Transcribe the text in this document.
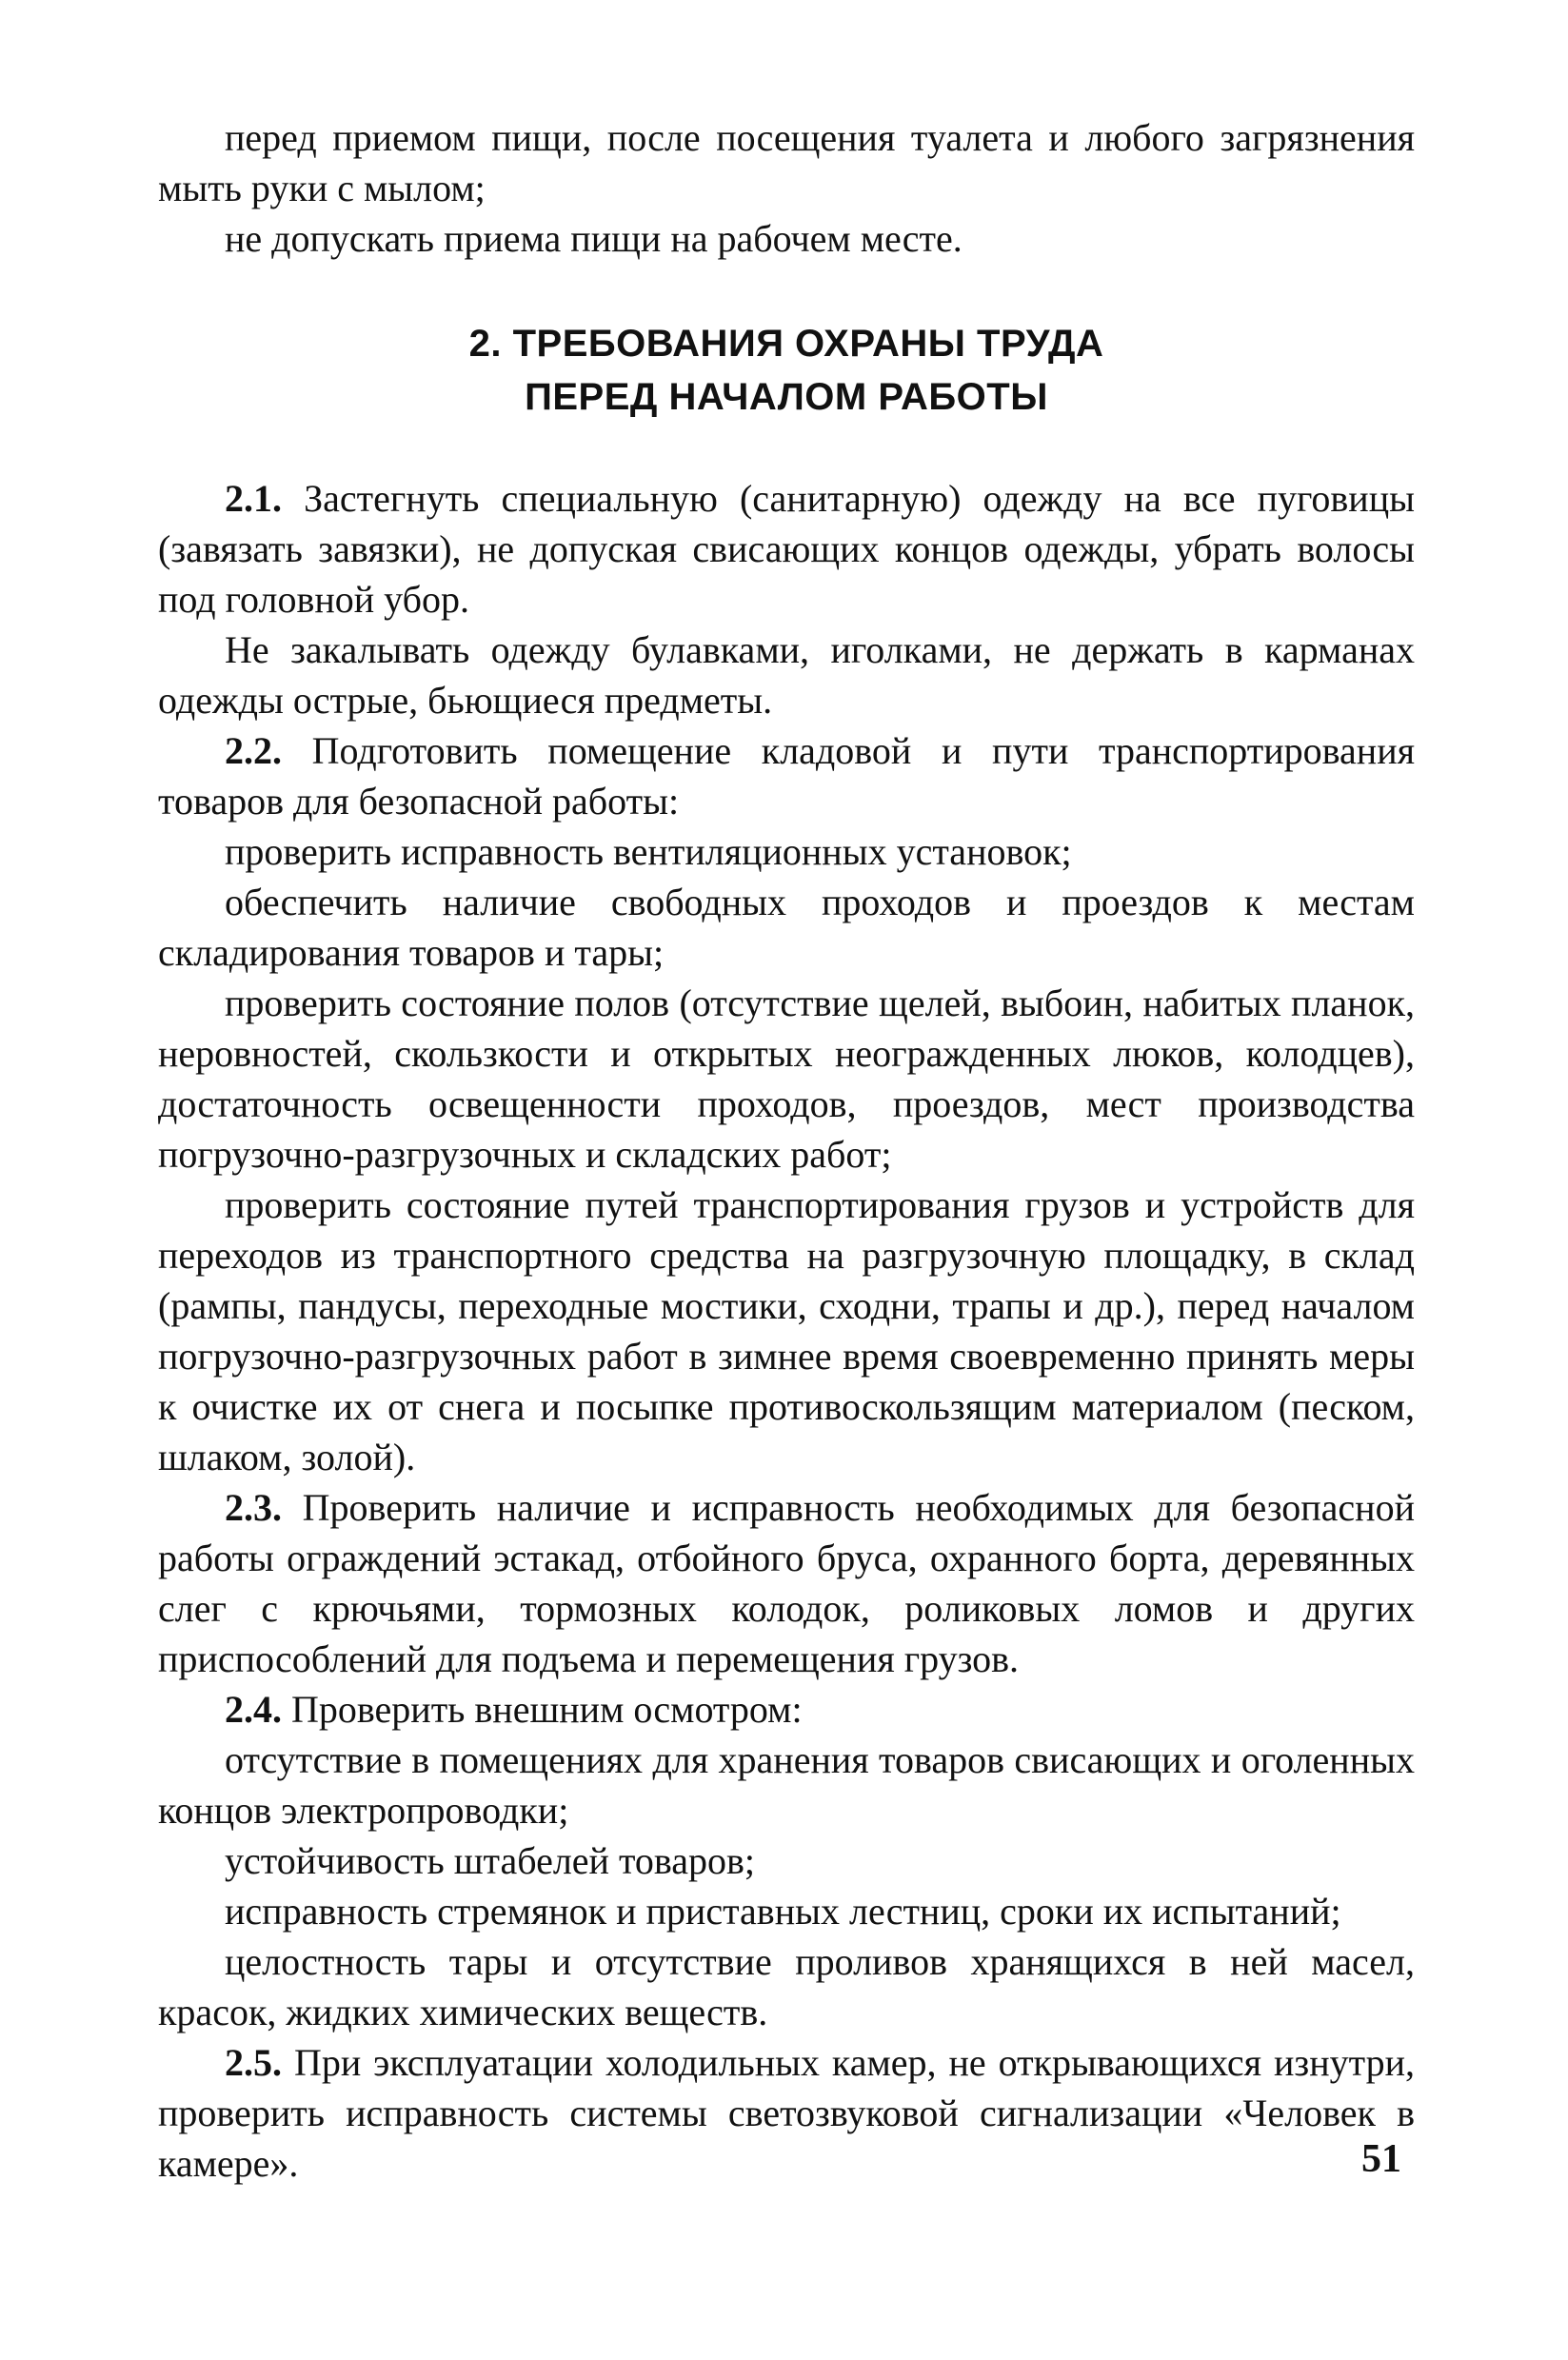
перед приемом пищи, после посещения туалета и любого загрязнения мыть руки с мылом;

не допускать приема пищи на рабочем месте.

2. ТРЕБОВАНИЯ ОХРАНЫ ТРУДА
ПЕРЕД НАЧАЛОМ РАБОТЫ

2.1. Застегнуть специальную (санитарную) одежду на все пуговицы (завязать завязки), не допуская свисающих концов одежды, убрать волосы под головной убор.

Не закалывать одежду булавками, иголками, не держать в карманах одежды острые, бьющиеся предметы.

2.2. Подготовить помещение кладовой и пути транспортирования товаров для безопасной работы:

проверить исправность вентиляционных установок;

обеспечить наличие свободных проходов и проездов к местам складирования товаров и тары;

проверить состояние полов (отсутствие щелей, выбоин, набитых планок, неровностей, скользкости и открытых неогражденных люков, колодцев), достаточность освещенности проходов, проездов, мест производства погрузочно-разгрузочных и складских работ;

проверить состояние путей транспортирования грузов и устройств для переходов из транспортного средства на разгрузочную площадку, в склад (рампы, пандусы, переходные мостики, сходни, трапы и др.), перед началом погрузочно-разгрузочных работ в зимнее время своевременно принять меры к очистке их от снега и посыпке противоскользящим материалом (песком, шлаком, золой).

2.3. Проверить наличие и исправность необходимых для безопасной работы ограждений эстакад, отбойного бруса, охранного борта, деревянных слег с крючьями, тормозных колодок, роликовых ломов и других приспособлений для подъема и перемещения грузов.

2.4. Проверить внешним осмотром:

отсутствие в помещениях для хранения товаров свисающих и оголенных концов электропроводки;

устойчивость штабелей товаров;

исправность стремянок и приставных лестниц, сроки их испытаний;

целостность тары и отсутствие проливов хранящихся в ней масел, красок, жидких химических веществ.

2.5. При эксплуатации холодильных камер, не открывающихся изнутри, проверить исправность системы светозвуковой сигнализации «Человек в камере».	51
